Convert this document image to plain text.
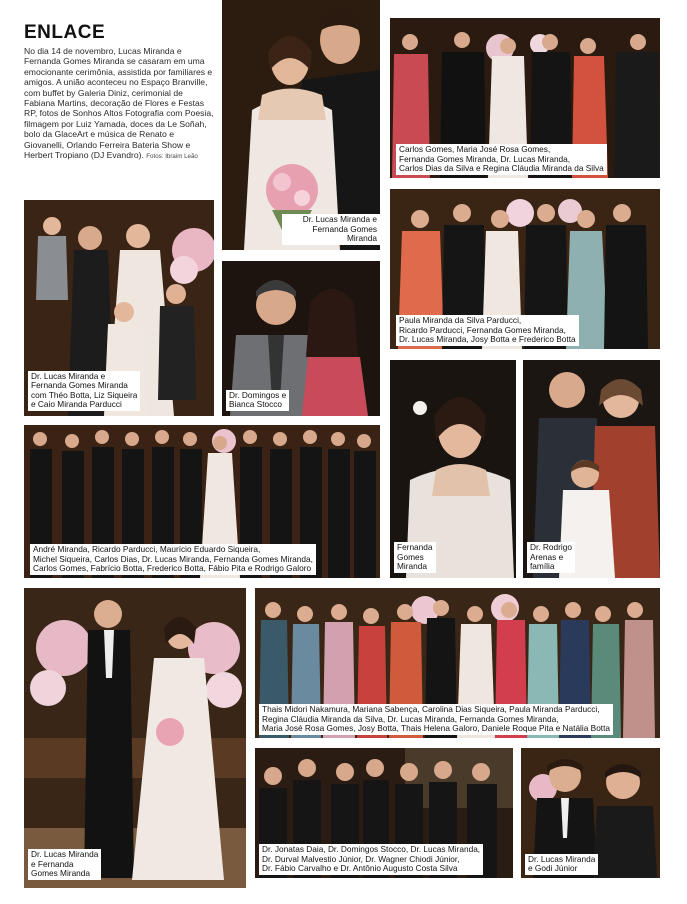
ENLACE

No dia 14 de novembro, Lucas Miranda e Fernanda Gomes Miranda se casaram em uma emocionante cerimônia, assistida por familiares e amigos. A união aconteceu no Espaço Branville, com buffet by Galeria Diniz, cerimonial de Fabiana Martins, decoração de Flores e Festas RP, fotos de Sonhos Altos Fotografia com Poesia, filmagem por Luiz Yamada, doces da Le Soñah, bolo da GlaceArt e música de Renato e Giovanelli, Orlando Ferreira Bateria Show e Herbert Tropiano (DJ Evandro). Fotos: Ibraim Leão

Dr. Lucas Miranda e
Fernanda Gomes Miranda
Carlos Gomes, Maria José Rosa Gomes,
Fernanda Gomes Miranda, Dr. Lucas Miranda,
Carlos Dias da Silva e Regina Cláudia Miranda da Silva
Dr. Lucas Miranda e
Fernanda Gomes Miranda
com Théo Botta, Liz Siqueira
e Caio Miranda Parducci
Dr. Domingos e
Bianca Stocco
Paula Miranda da Silva Parducci,
Ricardo Parducci, Fernanda Gomes Miranda,
Dr. Lucas Miranda, Josy Botta e Frederico Botta
André Miranda, Ricardo Parducci, Maurício Eduardo Siqueira,
Michel Siqueira, Carlos Dias, Dr. Lucas Miranda, Fernanda Gomes Miranda,
Carlos Gomes, Fabrício Botta, Frederico Botta, Fábio Pita e Rodrigo Galoro
Fernanda
Gomes
Miranda
Dr. Rodrigo
Arenas e
família
Dr. Lucas Miranda
e Fernanda
Gomes Miranda
Thais Midori Nakamura, Mariana Sabença, Carolina Dias Siqueira, Paula Miranda Parducci,
Regina Cláudia Miranda da Silva, Dr. Lucas Miranda, Fernanda Gomes Miranda,
Maria José Rosa Gomes, Josy Botta, Thais Helena Galoro, Daniele Roque Pita e Natália Botta
Dr. Jonatas Daia, Dr. Domingos Stocco, Dr. Lucas Miranda,
Dr. Durval Malvestio Júnior, Dr. Wagner Chiodi Júnior,
Dr. Fábio Carvalho e Dr. Antônio Augusto Costa Silva
Dr. Lucas Miranda
e Godi Júnior
